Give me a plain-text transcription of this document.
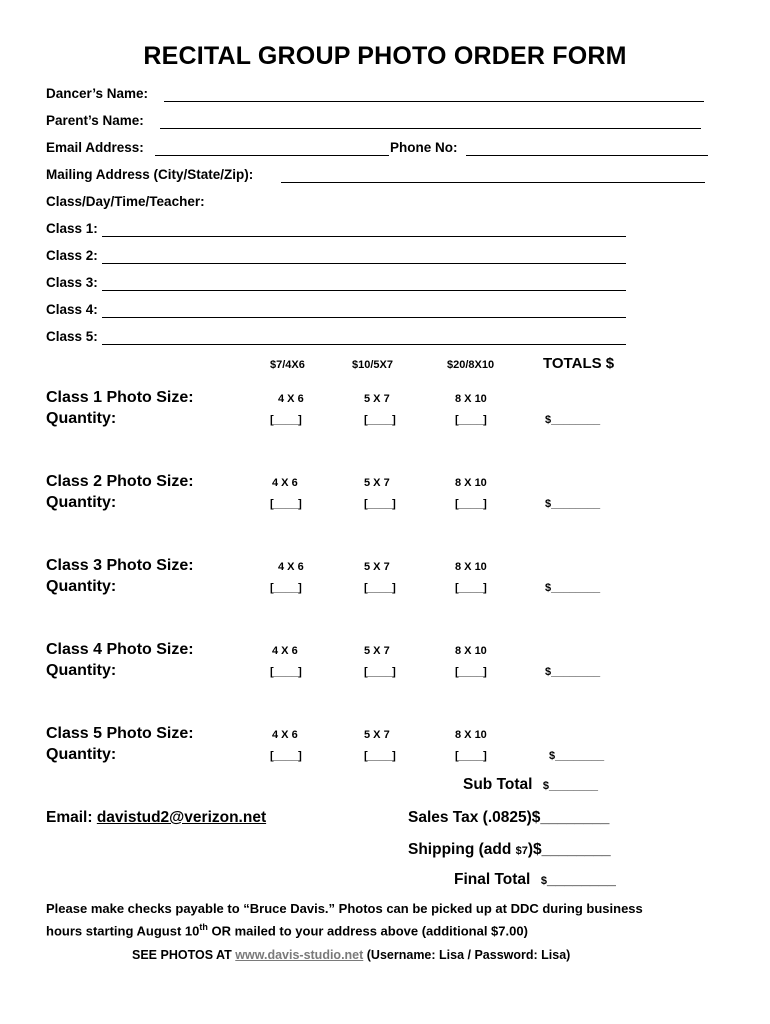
RECITAL GROUP PHOTO ORDER FORM
Dancer’s Name:
Parent’s Name:
Email Address:	Phone No:
Mailing Address (City/State/Zip):
Class/Day/Time/Teacher:
Class 1:
Class 2:
Class 3:
Class 4:
Class 5:
$7/4X6	$10/5X7	$20/8X10	TOTALS $
Class 1 Photo Size:	4 X 6	5 X 7	8 X 10
Quantity:	[____]	[____]	[____]	$________
Class 2 Photo Size:	4 X 6	5 X 7	8 X 10
Quantity:	[____]	[____]	[____]	$________
Class 3 Photo Size:	4 X 6	5 X 7	8 X 10
Quantity:	[____]	[____]	[____]	$________
Class 4 Photo Size:	4 X 6	5 X 7	8 X 10
Quantity:	[____]	[____]	[____]	$________
Class 5 Photo Size:	4 X 6	5 X 7	8 X 10
Quantity:	[____]	[____]	[____]	$________
Sub Total $________
Email: davistud2@verizon.net	Sales Tax (.0825)$________
Shipping (add $7)$________
Final Total $________
Please make checks payable to “Bruce Davis.” Photos can be picked up at DDC during business
hours starting August 10th OR mailed to your address above (additional $7.00)
SEE PHOTOS AT www.davis-studio.net (Username: Lisa / Password: Lisa)
